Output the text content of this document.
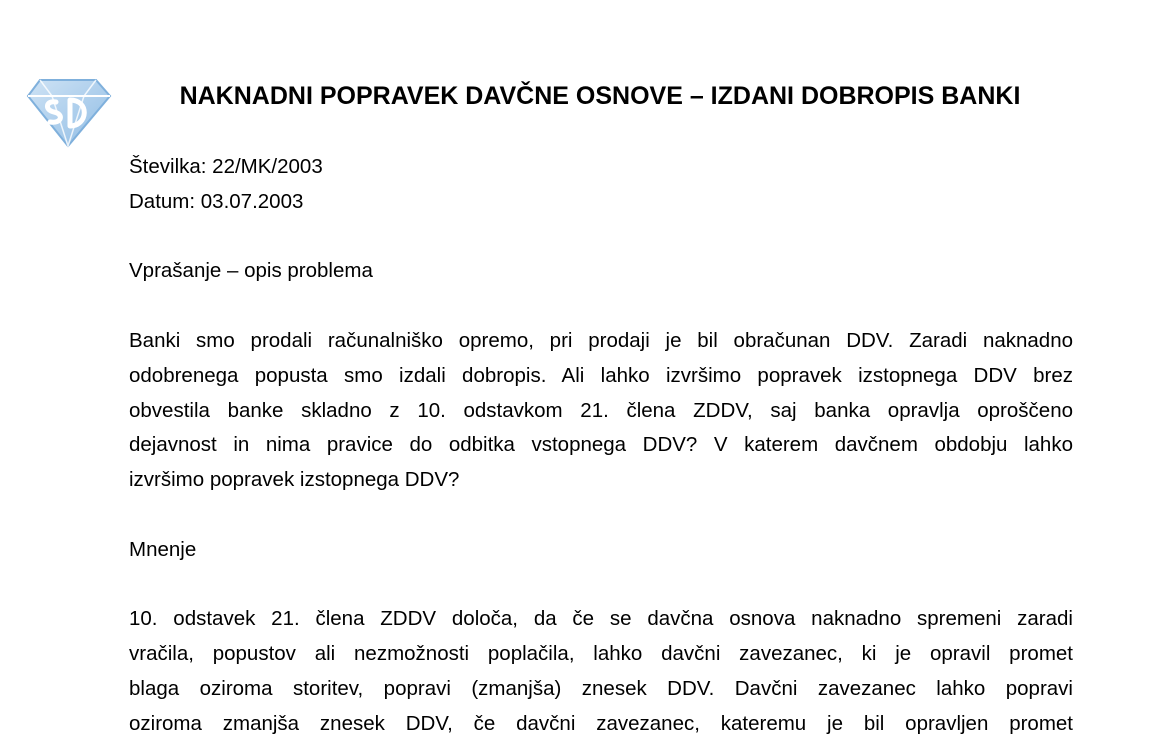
NAKNADNI POPRAVEK DAVČNE OSNOVE – IZDANI DOBROPIS BANKI
Številka: 22/MK/2003
Datum: 03.07.2003
Vprašanje – opis problema
Banki smo prodali računalniško opremo, pri prodaji je bil obračunan DDV. Zaradi naknadno
odobrenega popusta smo izdali dobropis. Ali lahko izvršimo popravek izstopnega DDV brez
obvestila banke skladno z 10. odstavkom 21. člena ZDDV, saj banka opravlja oproščeno
dejavnost in nima pravice do odbitka vstopnega DDV? V katerem davčnem obdobju lahko
izvršimo popravek izstopnega DDV?
Mnenje
10. odstavek 21. člena ZDDV določa, da če se davčna osnova naknadno spremeni zaradi
vračila, popustov ali nezmožnosti poplačila, lahko davčni zavezanec, ki je opravil promet
blaga oziroma storitev, popravi (zmanjša) znesek DDV. Davčni zavezanec lahko popravi
oziroma zmanjša znesek DDV, če davčni zavezanec, kateremu je bil opravljen promet
